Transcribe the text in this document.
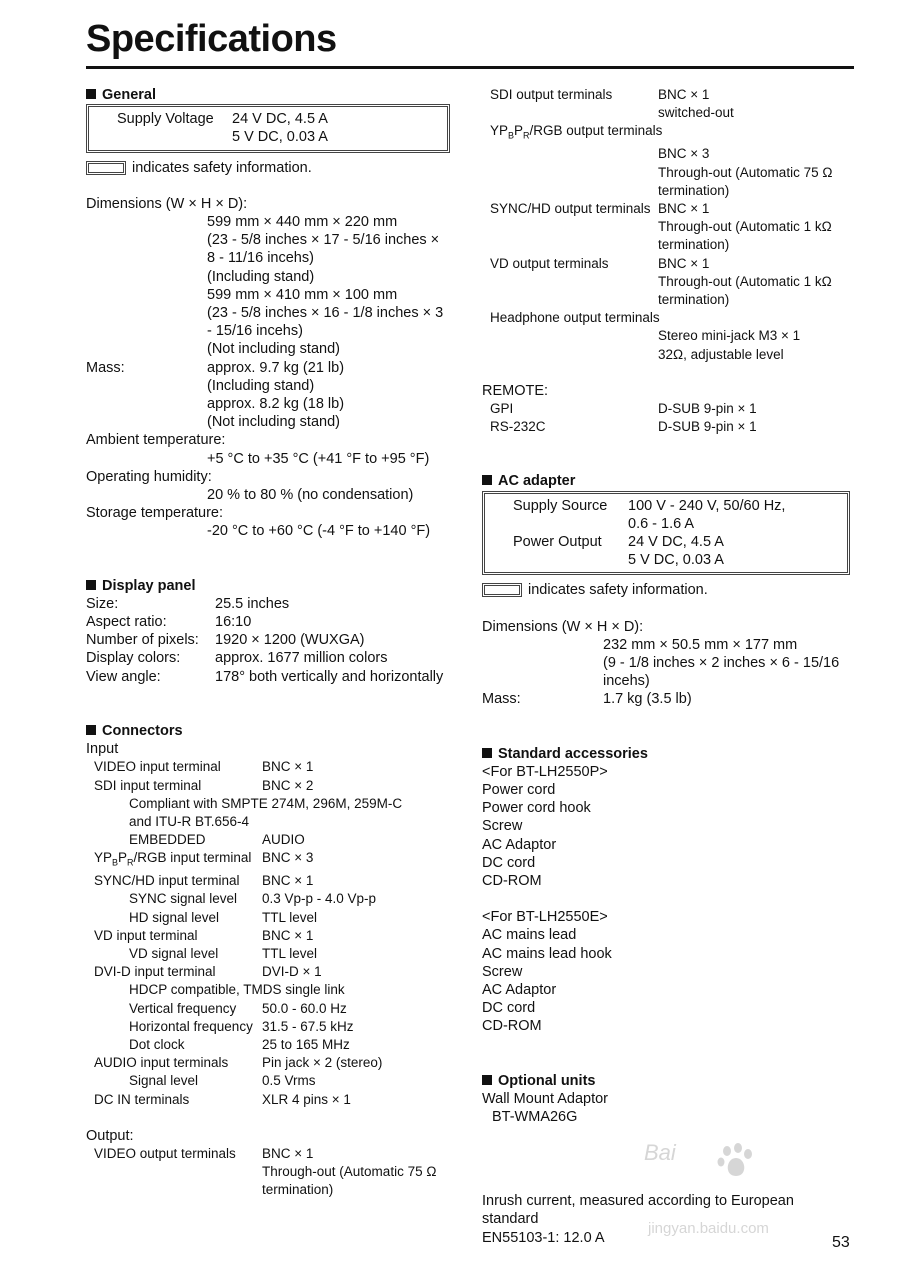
Specifications
General
Supply Voltage	24 V DC, 4.5 A
5 V DC, 0.03 A
indicates safety information.
Dimensions (W × H × D):
599 mm × 440 mm × 220 mm
(23 - 5/8 inches × 17 - 5/16 inches ×
8 - 11/16 incehs)
(Including stand)
599 mm × 410 mm × 100 mm
(23 - 5/8 inches × 16 - 1/8 inches × 3
- 15/16 incehs)
(Not including stand)
Mass:	approx. 9.7 kg (21 lb)
(Including stand)
approx. 8.2 kg (18 lb)
(Not including stand)
Ambient temperature:
+5 °C to +35 °C (+41 °F to +95 °F)
Operating humidity:
20 % to 80 % (no condensation)
Storage temperature:
-20 °C to +60 °C (-4 °F to +140 °F)
Display panel
Size:	25.5 inches
Aspect ratio:	16:10
Number of pixels:	1920 × 1200 (WUXGA)
Display colors:	approx. 1677 million colors
View angle:	178° both vertically and horizontally
Connectors
Input
VIDEO input terminal	BNC × 1
SDI input terminal	BNC × 2
Compliant with SMPTE 274M, 296M, 259M-C
and ITU-R BT.656-4
EMBEDDED	AUDIO
$YP_BP_R$/RGB input terminal BNC × 3
SYNC/HD input terminal	BNC × 1
SYNC signal level	0.3 Vp-p - 4.0 Vp-p
HD signal level	TTL level
VD input terminal	BNC × 1
VD signal level	TTL level
DVI-D input terminal	DVI-D × 1
HDCP compatible, TMDS single link
Vertical frequency	50.0 - 60.0 Hz
Horizontal frequency 31.5 - 67.5 kHz
Dot clock	25 to 165 MHz
AUDIO input terminals	Pin jack × 2 (stereo)
Signal level	0.5 Vrms
DC IN terminals	XLR 4 pins × 1
Output:
VIDEO output terminals	BNC × 1
Through-out (Automatic 75 Ω
termination)
SDI output terminals	BNC × 1
switched-out
$YP_BP_R$/RGB output terminals
BNC × 3
Through-out (Automatic 75 Ω
termination)
SYNC/HD output terminals BNC × 1
Through-out (Automatic 1 kΩ
termination)
VD output terminals	BNC × 1
Through-out (Automatic 1 kΩ
termination)
Headphone output terminals
Stereo mini-jack M3 × 1
32Ω, adjustable level
REMOTE:
GPI	D-SUB 9-pin × 1
RS-232C	D-SUB 9-pin × 1
AC adapter
Supply Source	100 V - 240 V, 50/60 Hz,
0.6 - 1.6 A
Power Output	24 V DC, 4.5 A
5 V DC, 0.03 A
indicates safety information.
Dimensions (W × H × D):
232 mm × 50.5 mm × 177 mm
(9 - 1/8 inches × 2 inches × 6 - 15/16
incehs)
Mass:	1.7 kg (3.5 lb)
Standard accessories
<For BT-LH2550P>
Power cord
Power cord hook
Screw
AC Adaptor
DC cord
CD-ROM
<For BT-LH2550E>
AC mains lead
AC mains lead hook
Screw
AC Adaptor
DC cord
CD-ROM
Optional units
Wall Mount Adaptor
BT-WMA26G
Inrush current, measured according to European standard
EN55103-1: 12.0 A
Bai
jingyan.baidu.com
53
